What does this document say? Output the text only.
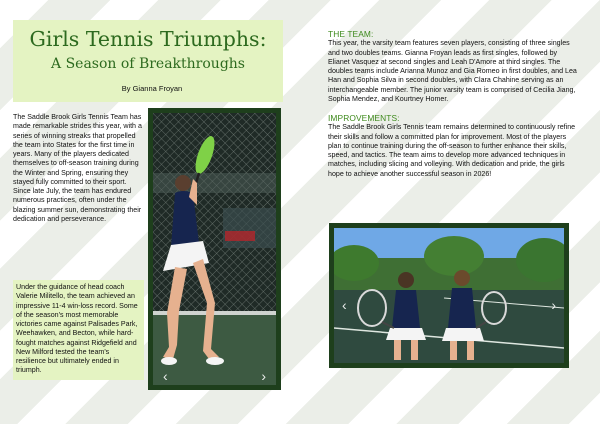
Girls Tennis Triumphs:
A Season of Breakthroughs
By Gianna Froyan
The Saddle Brook Girls Tennis Team has made remarkable strides this year, with a series of winning streaks that propelled the team into States for the first time in years. Many of the players dedicated themselves to off-season training during the Winter and Spring, ensuring they stayed fully committed to their sport. Since late July, the team has endured numerous practices, often under the blazing summer sun, demonstrating their dedication and perseverance.
Under the guidance of head coach Valerie Militello, the team achieved an impressive 11-4 win-loss record. Some of the season's most memorable victories came against Palisades Park, Weehawken, and Becton, while hard-fought matches against Ridgefield and New Milford tested the team's resilience but ultimately ended in triumph.	‹	›
THE TEAM:
This year, the varsity team features seven players, consisting of three singles and two doubles teams. Gianna Froyan leads as first singles, followed by Elianet Vasquez at second singles and Leah D'Amore at third singles. The doubles teams include Arianna Munoz and Gia Romeo in first doubles, and Lea Han and Sophia Silva in second doubles, with Clara Chahine serving as an interchangeable member. The junior varsity team is comprised of Cecilia Jiang, Sophia Mendez, and Kourtney Homer.
IMPROVEMENTS:
The Saddle Brook Girls Tennis team remains determined to continuously refine their skills and follow a committed plan for improvement. Most of the players plan to continue training during the off-season to further enhance their skills, speed, and tactics. The team aims to develop more advanced techniques in matches, including slicing and volleying. With dedication and pride, the girls hope to achieve another successful season in 2026!
‹	›
